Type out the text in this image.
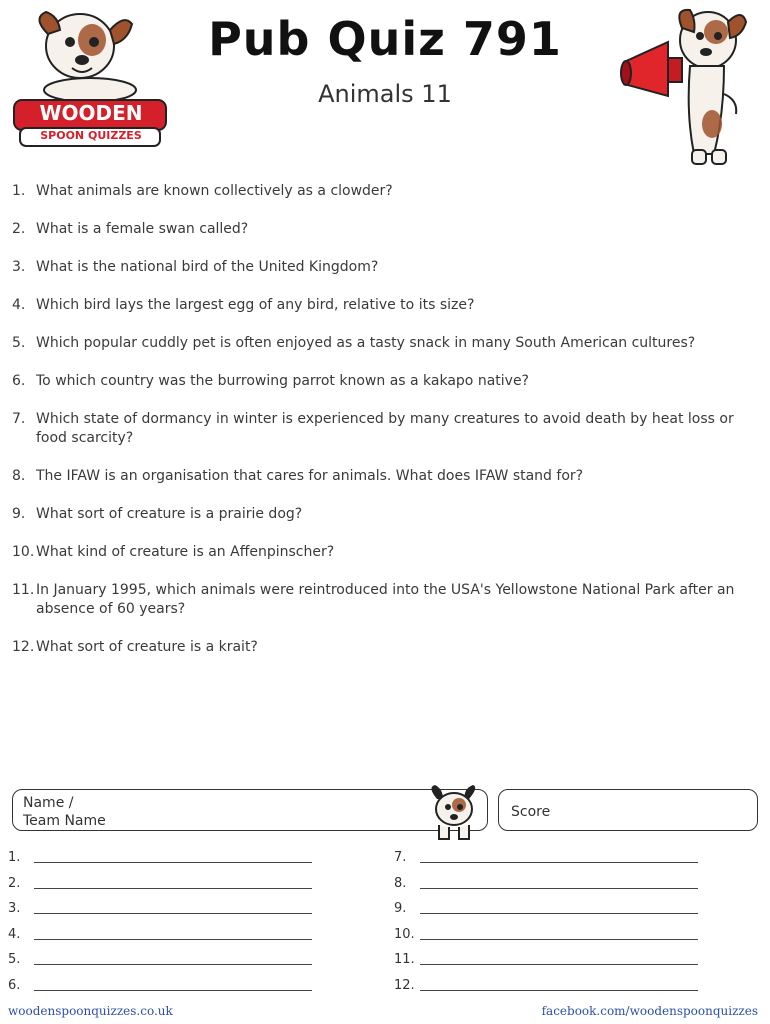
WOODEN
SPOON QUIZZES
Pub Quiz 791
Animals 11
1. What animals are known collectively as a clowder?
2. What is a female swan called?
3. What is the national bird of the United Kingdom?
4. Which bird lays the largest egg of any bird, relative to its size?
5. Which popular cuddly pet is often enjoyed as a tasty snack in many South American cultures?
6. To which country was the burrowing parrot known as a kakapo native?
7. Which state of dormancy in winter is experienced by many creatures to avoid death by heat loss or food scarcity?
8. The IFAW is an organisation that cares for animals. What does IFAW stand for?
9. What sort of creature is a prairie dog?
10. What kind of creature is an Affenpinscher?
11. In January 1995, which animals were reintroduced into the USA's Yellowstone National Park after an absence of 60 years?
12. What sort of creature is a krait?
Name /
Team Name
Score
1.
2.
3.
4.
5.
6.
7.
8.
9.
10.
11.
12.
woodenspoonquizzes.co.uk	facebook.com/woodenspoonquizzes
